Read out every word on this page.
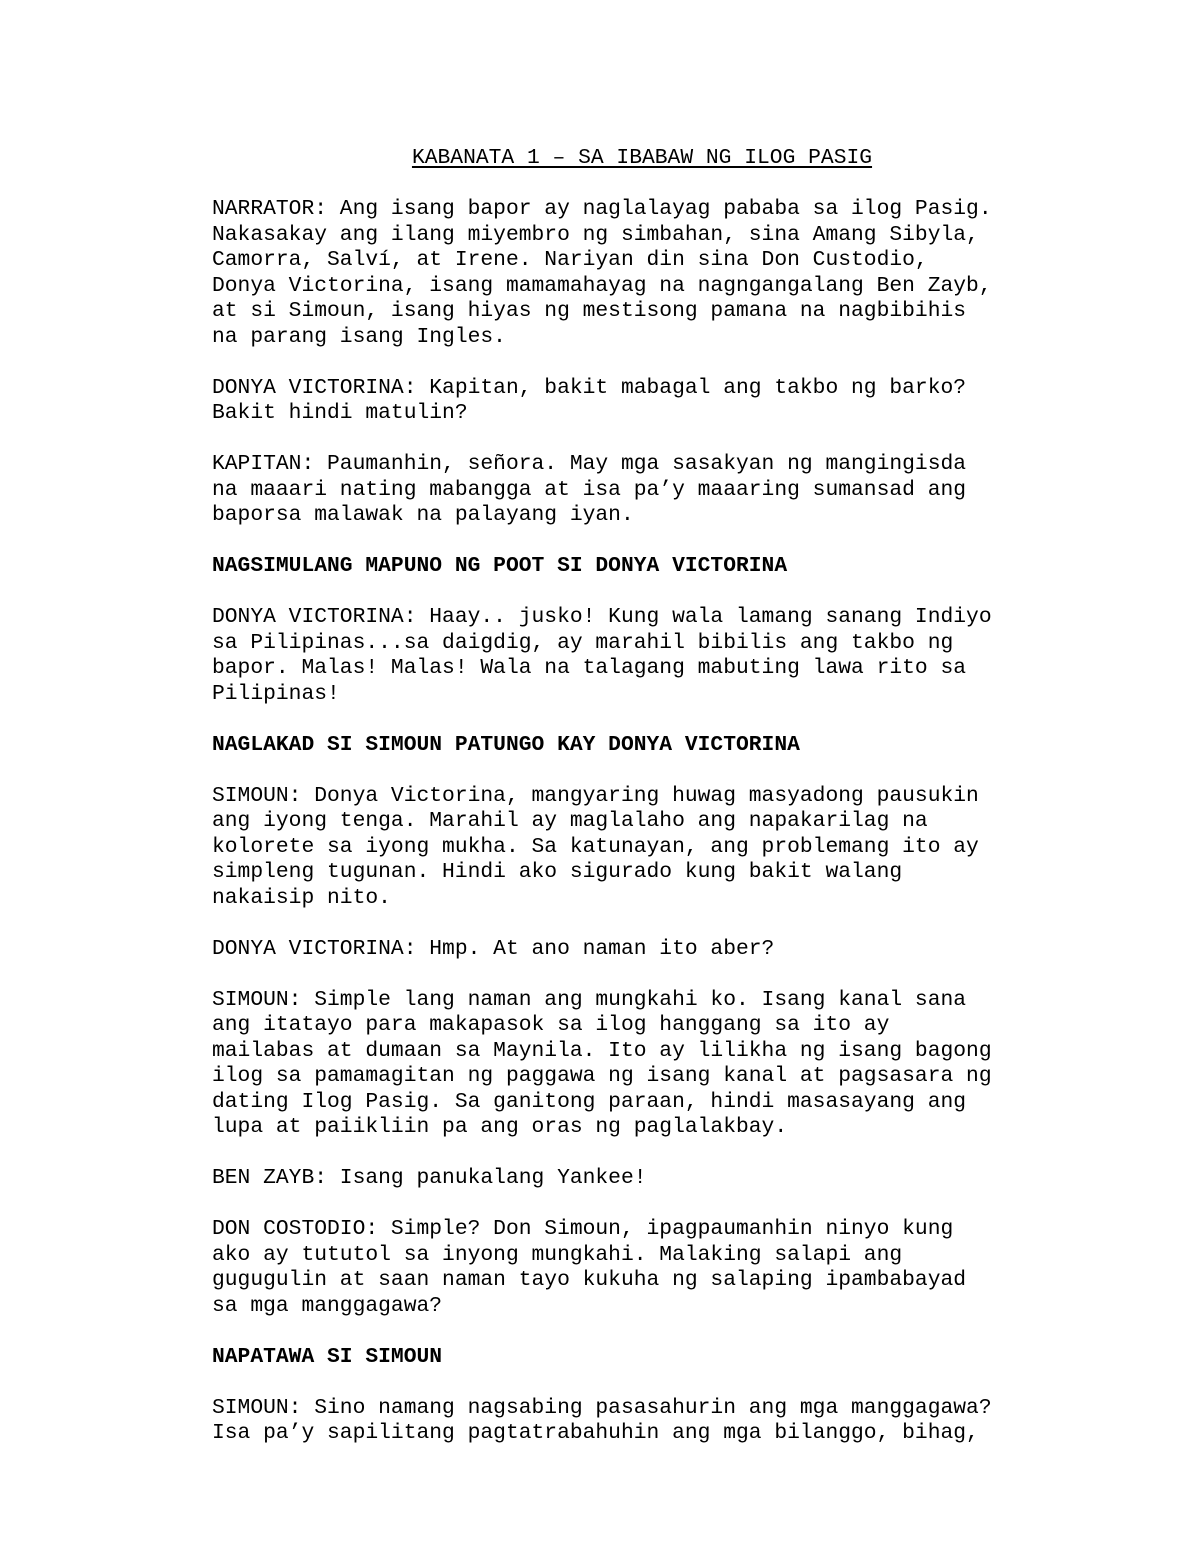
KABANATA 1 – SA IBABAW NG ILOG PASIG
NARRATOR: Ang isang bapor ay naglalayag pababa sa ilog Pasig.
Nakasakay ang ilang miyembro ng simbahan, sina Amang Sibyla,
Camorra, Salví, at Irene. Nariyan din sina Don Custodio,
Donya Victorina, isang mamamahayag na nagngangalang Ben Zayb,
at si Simoun, isang hiyas ng mestisong pamana na nagbibihis
na parang isang Ingles.
DONYA VICTORINA: Kapitan, bakit mabagal ang takbo ng barko?
Bakit hindi matulin?
KAPITAN: Paumanhin, señora. May mga sasakyan ng mangingisda
na maaari nating mabangga at isa pa’y maaaring sumansad ang
baporsa malawak na palayang iyan.
NAGSIMULANG MAPUNO NG POOT SI DONYA VICTORINA
DONYA VICTORINA: Haay.. jusko! Kung wala lamang sanang Indiyo
sa Pilipinas...sa daigdig, ay marahil bibilis ang takbo ng
bapor. Malas! Malas! Wala na talagang mabuting lawa rito sa
Pilipinas!
NAGLAKAD SI SIMOUN PATUNGO KAY DONYA VICTORINA
SIMOUN: Donya Victorina, mangyaring huwag masyadong pausukin
ang iyong tenga. Marahil ay maglalaho ang napakarilag na
kolorete sa iyong mukha. Sa katunayan, ang problemang ito ay
simpleng tugunan. Hindi ako sigurado kung bakit walang
nakaisip nito.
DONYA VICTORINA: Hmp. At ano naman ito aber?
SIMOUN: Simple lang naman ang mungkahi ko. Isang kanal sana
ang itatayo para makapasok sa ilog hanggang sa ito ay
mailabas at dumaan sa Maynila. Ito ay lilikha ng isang bagong
ilog sa pamamagitan ng paggawa ng isang kanal at pagsasara ng
dating Ilog Pasig. Sa ganitong paraan, hindi masasayang ang
lupa at paiikliin pa ang oras ng paglalakbay.
BEN ZAYB: Isang panukalang Yankee!
DON COSTODIO: Simple? Don Simoun, ipagpaumanhin ninyo kung
ako ay tututol sa inyong mungkahi. Malaking salapi ang
gugugulin at saan naman tayo kukuha ng salaping ipambabayad
sa mga manggagawa?
NAPATAWA SI SIMOUN
SIMOUN: Sino namang nagsabing pasasahurin ang mga manggagawa?
Isa pa’y sapilitang pagtatrabahuhin ang mga bilanggo, bihag,
